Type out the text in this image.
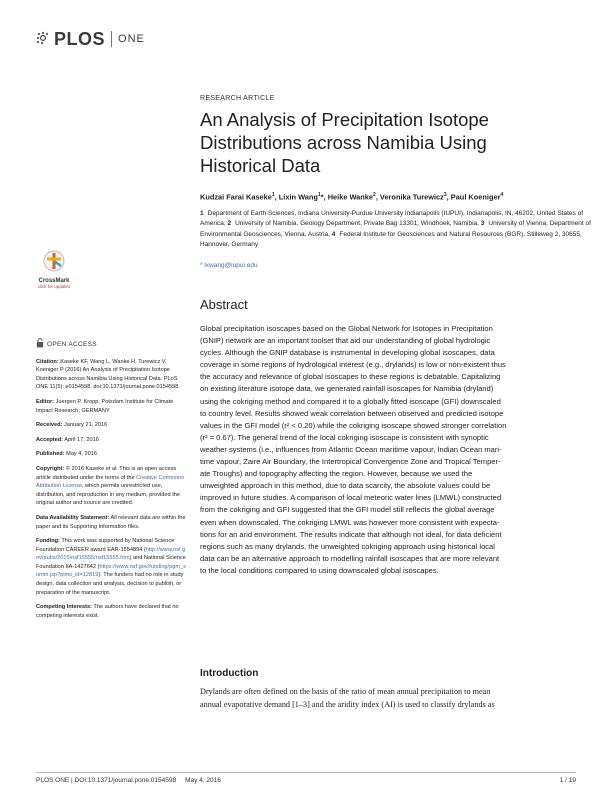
PLOS ONE
RESEARCH ARTICLE
An Analysis of Precipitation Isotope Distributions across Namibia Using Historical Data
Kudzai Farai Kaseke$^1$, Lixin Wang$^1$*, Heike Wanke$^2$, Veronika Turewicz$^3$, Paul Koeniger$^4$
1 Department of Earth Sciences, Indiana University-Purdue University Indianapolis (IUPUI), Indianapolis, IN, 46202, United States of America, 2 University of Namibia, Geology Department, Private Bag 13301, Windhoek, Namibia, 3 University of Vienna, Department of Environmental Geosciences, Vienna, Austria, 4 Federal Institute for Geosciences and Natural Resources (BGR), Stilleweg 2, 30655, Hannover, Germany
* lxwang@iupui.edu
CrossMark
click for updates
Abstract
Global precipitation isoscapes based on the Global Network for Isotopes in Precipitation
(GNIP) network are an important toolset that aid our understanding of global hydrologic
cycles. Although the GNIP database is instrumental in developing global isoscapes, data
coverage in some regions of hydrological interest (e.g., drylands) is low or non-existent thus
the accuracy and relevance of global isoscapes to these regions is debatable. Capitalizing
on existing literature isotope data, we generated rainfall isoscapes for Namibia (dryland)
using the cokriging method and compared it to a globally fitted isoscape (GFI) downscaled
to country level. Results showed weak correlation between observed and predicted isotope
values in the GFI model (r² < 0.20) while the cokriging isoscape showed stronger correlation
(r² = 0.67). The general trend of the local cokriging isoscape is consistent with synoptic
weather systems (i.e., influences from Atlantic Ocean maritime vapour, Indian Ocean mari-
time vapour, Zaire Air Boundary, the Intertropical Convergence Zone and Tropical Temper-
ate Troughs) and topography affecting the region. However, because we used the
unweighted approach in this method, due to data scarcity, the absolute values could be
improved in future studies. A comparison of local meteoric water lines (LMWL) constructed
from the cokriging and GFI suggested that the GFI model still reflects the global average
even when downscaled. The cokriging LMWL was however more consistent with expecta-
tions for an arid environment. The results indicate that although not ideal, for data deficient
regions such as many drylands, the unweighted cokriging approach using historical local
data can be an alternative approach to modelling rainfall isoscapes that are more relevant
to the local conditions compared to using downscaled global isoscapes.
Introduction
Drylands are often defined on the basis of the ratio of mean annual precipitation to mean
annual evaporative demand [1–3] and the aridity index (AI) is used to classify drylands as
OPEN ACCESS
Citation: Kaseke KF, Wang L, Wanke H, Turewicz V, Koeniger P (2016) An Analysis of Precipitation Isotope Distributions across Namibia Using Historical Data. PLoS ONE 11(5): e0154598. doi:10.1371/journal.pone.0154598
Editor: Juergen P. Kropp, Potsdam Institute for Climate Impact Research, GERMANY
Received: January 21, 2016
Accepted: April 17, 2016
Published: May 4, 2016
Copyright: © 2016 Kaseke et al. This is an open access article distributed under the terms of the Creative Commons Attribution License, which permits unrestricted use, distribution, and reproduction in any medium, provided the original author and source are credited.
Data Availability Statement: All relevant data are within the paper and its Supporting Information files.
Funding: This work was supported by National Science Foundation CAREER award EAR-1554894 (http://www.nsf.gov/pubs/2015/nsf15555/nsf15555.htm) and National Science Foundation IIA-1427642 (https://www.nsf.gov/funding/pgm_summ.jsp?pims_id=12819). The funders had no role in study design, data collection and analysis, decision to publish, or preparation of the manuscript.
Competing Interests: The authors have declared that no competing interests exist.
PLOS ONE | DOI:10.1371/journal.pone.0154598     May 4, 2016	1 / 19
